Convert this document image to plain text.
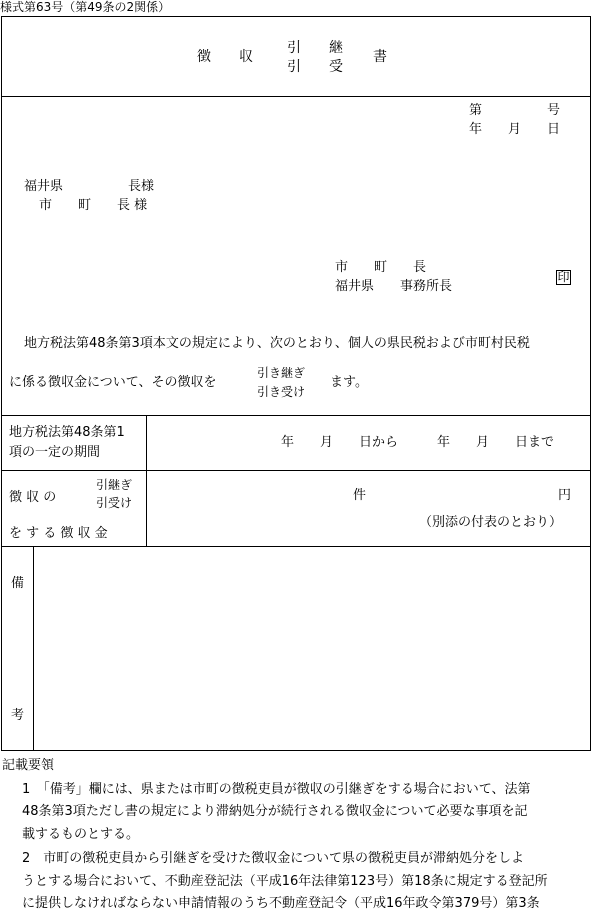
様式第63号（第49条の2関係）
徴　　収
引　　継
引　　受
書
第　　　　　号
年　　月　　日
福井県　　　　　長様
市　　町　　長 様
市　　町　　長
福井県　　事務所長
印
地方税法第48条第3項本文の規定により、次のとおり、個人の県民税および市町村民税
に係る徴収金について、その徴収を
引き継ぎ
引き受け
ます。
地方税法第48条第1
項の一定の期間
年　　月　　日から　　　年　　月　　日まで
徴 収 の
引継ぎ
引受け
を す る 徴 収 金
件	円
（別添の付表のとおり）
備
考
記載要領
1　「備考」欄には、県または市町の徴税吏員が徴収の引継ぎをする場合において、法第
48条第3項ただし書の規定により滞納処分が続行される徴収金について必要な事項を記
載するものとする。
2　市町の徴税吏員から引継ぎを受けた徴収金について県の徴税吏員が滞納処分をしよ
うとする場合において、不動産登記法（平成16年法律第123号）第18条に規定する登記所
に提供しなければならない申請情報のうち不動産登記令（平成16年政令第379号）第3条
